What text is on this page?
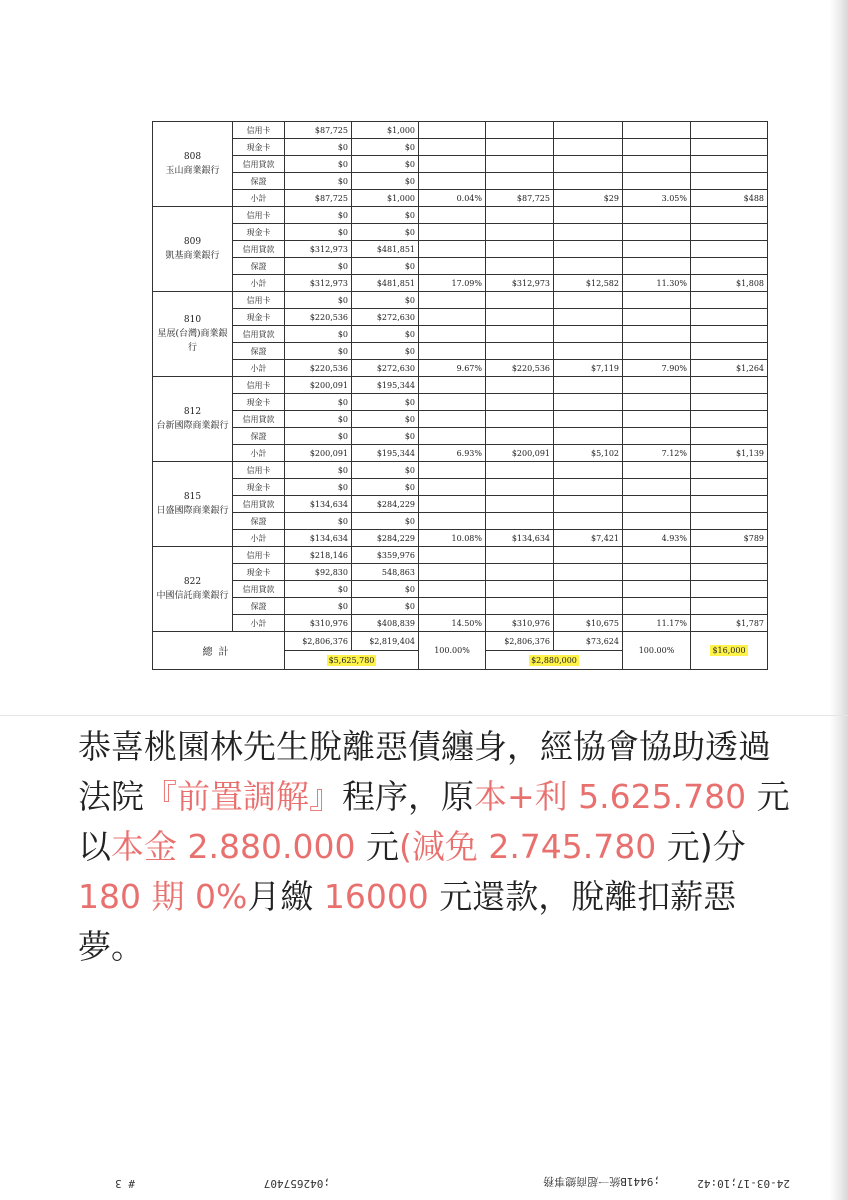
808
玉山商業銀行	信用卡	$87,725	$1,000					
	現金卡	$0	$0					
	信用貸款	$0	$0					
	保證	$0	$0					
	小計	$87,725	$1,000	0.04%	$87,725	$29	3.05%	$488
809
凱基商業銀行	信用卡	$0	$0					
	現金卡	$0	$0					
	信用貸款	$312,973	$481,851					
	保證	$0	$0					
	小計	$312,973	$481,851	17.09%	$312,973	$12,582	11.30%	$1,808
810
星展(台灣)商業銀行	信用卡	$0	$0					
	現金卡	$220,536	$272,630					
	信用貸款	$0	$0					
	保證	$0	$0					
	小計	$220,536	$272,630	9.67%	$220,536	$7,119	7.90%	$1,264
812
台新國際商業銀行	信用卡	$200,091	$195,344					
	現金卡	$0	$0					
	信用貸款	$0	$0					
	保證	$0	$0					
	小計	$200,091	$195,344	6.93%	$200,091	$5,102	7.12%	$1,139
815
日盛國際商業銀行	信用卡	$0	$0					
	現金卡	$0	$0					
	信用貸款	$134,634	$284,229					
	保證	$0	$0					
	小計	$134,634	$284,229	10.08%	$134,634	$7,421	4.93%	$789
822
中國信託商業銀行	信用卡	$218,146	$359,976					
	現金卡	$92,830	548,863					
	信用貸款	$0	$0					
	保證	$0	$0					
	小計	$310,976	$408,839	14.50%	$310,976	$10,675	11.17%	$1,787
總計		$2,806,376	$2,819,404	100.00%	$2,806,376	$73,624	100.00%	$16,000
		$5,625,780			$2,880,000			
恭喜桃園林先生脫離惡債纏身，經協會協助透過法院『前置調解』程序，原本+利 5.625.780 元以本金 2.880.000 元(減免 2.745.780 元)分 180 期 0%月繳 16000 元還款，脫離扣薪惡夢。
24-03-17;10:42
;9441B統一超商總事務
;042657407
# 3
